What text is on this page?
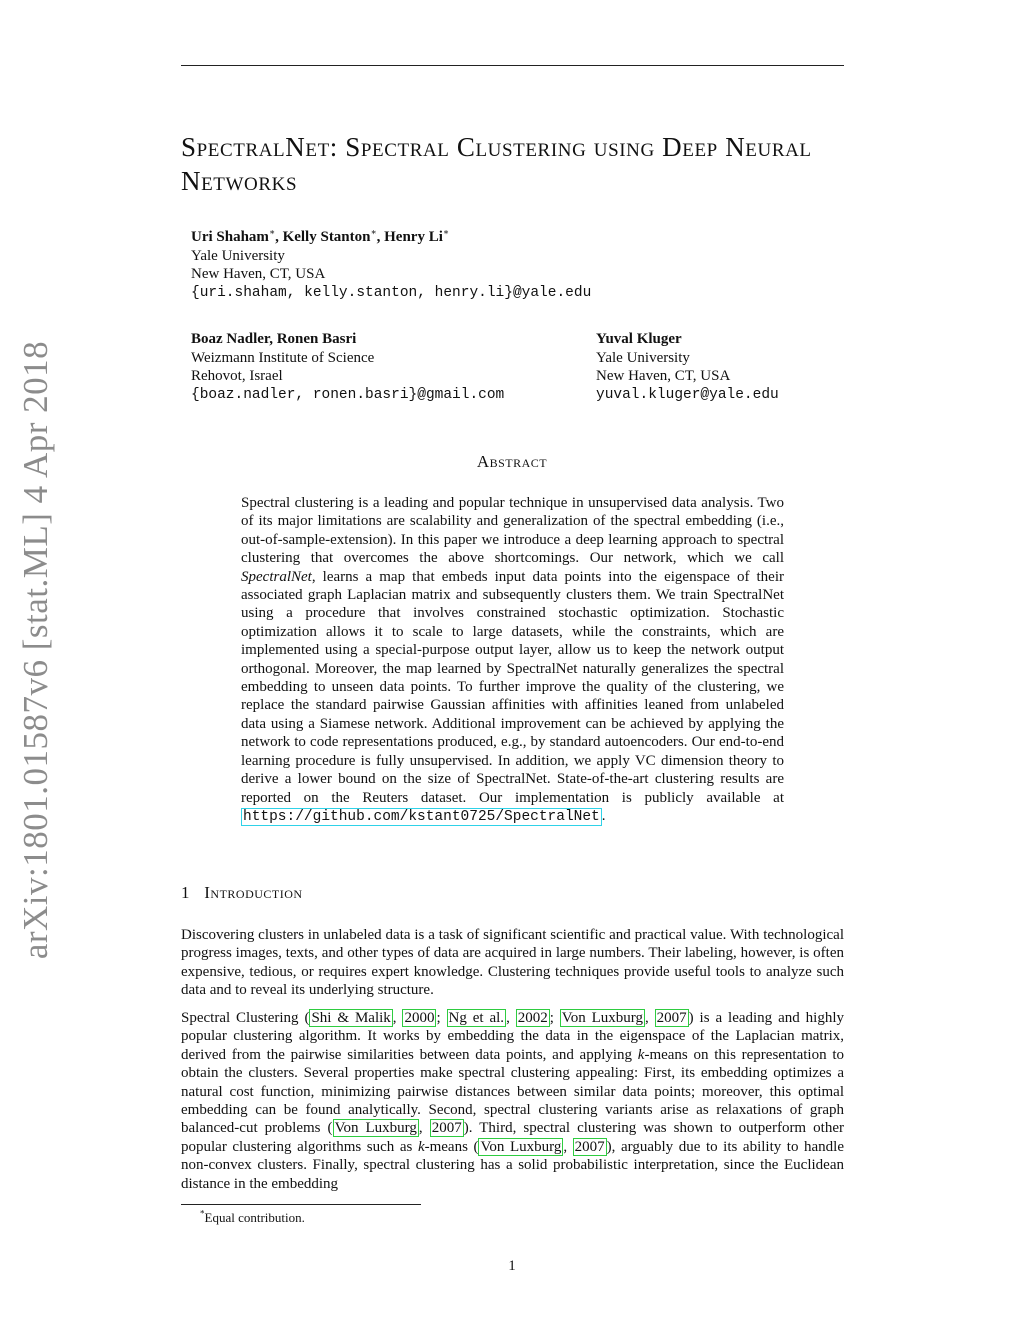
arXiv:1801.01587v6 [stat.ML] 4 Apr 2018
SpectralNet: Spectral Clustering using Deep Neural Networks
Uri Shaham∗, Kelly Stanton∗, Henry Li∗
Yale University
New Haven, CT, USA
{uri.shaham, kelly.stanton, henry.li}@yale.edu
Boaz Nadler, Ronen Basri
Weizmann Institute of Science
Rehovot, Israel
{boaz.nadler, ronen.basri}@gmail.com
Yuval Kluger
Yale University
New Haven, CT, USA
yuval.kluger@yale.edu
Abstract
Spectral clustering is a leading and popular technique in unsupervised data analysis. Two of its major limitations are scalability and generalization of the spectral embedding (i.e., out-of-sample-extension). In this paper we introduce a deep learning approach to spectral clustering that overcomes the above shortcomings. Our network, which we call SpectralNet, learns a map that embeds input data points into the eigenspace of their associated graph Laplacian matrix and subsequently clusters them. We train SpectralNet using a procedure that involves constrained stochastic optimization. Stochastic optimization allows it to scale to large datasets, while the constraints, which are implemented using a special-purpose output layer, allow us to keep the network output orthogonal. Moreover, the map learned by SpectralNet naturally generalizes the spectral embedding to unseen data points. To further improve the quality of the clustering, we replace the standard pairwise Gaussian affinities with affinities leaned from unlabeled data using a Siamese network. Additional improvement can be achieved by applying the network to code representations produced, e.g., by standard autoencoders. Our end-to-end learning procedure is fully unsupervised. In addition, we apply VC dimension theory to derive a lower bound on the size of SpectralNet. State-of-the-art clustering results are reported on the Reuters dataset. Our implementation is publicly available at https://github.com/kstant0725/SpectralNet .
1 Introduction
Discovering clusters in unlabeled data is a task of significant scientific and practical value. With technological progress images, texts, and other types of data are acquired in large numbers. Their labeling, however, is often expensive, tedious, or requires expert knowledge. Clustering techniques provide useful tools to analyze such data and to reveal its underlying structure.
Spectral Clustering ( Shi & Malik , 2000 ; Ng et al. , 2002 ; Von Luxburg , 2007 ) is a leading and highly popular clustering algorithm. It works by embedding the data in the eigenspace of the Laplacian matrix, derived from the pairwise similarities between data points, and applying k-means on this representation to obtain the clusters. Several properties make spectral clustering appealing: First, its embedding optimizes a natural cost function, minimizing pairwise distances between similar data points; moreover, this optimal embedding can be found analytically. Second, spectral clustering variants arise as relaxations of graph balanced-cut problems ( Von Luxburg , 2007 ). Third, spectral clustering was shown to outperform other popular clustering algorithms such as k-means ( Von Luxburg , 2007 ), arguably due to its ability to handle non-convex clusters. Finally, spectral clustering has a solid probabilistic interpretation, since the Euclidean distance in the embedding
*Equal contribution.
1
